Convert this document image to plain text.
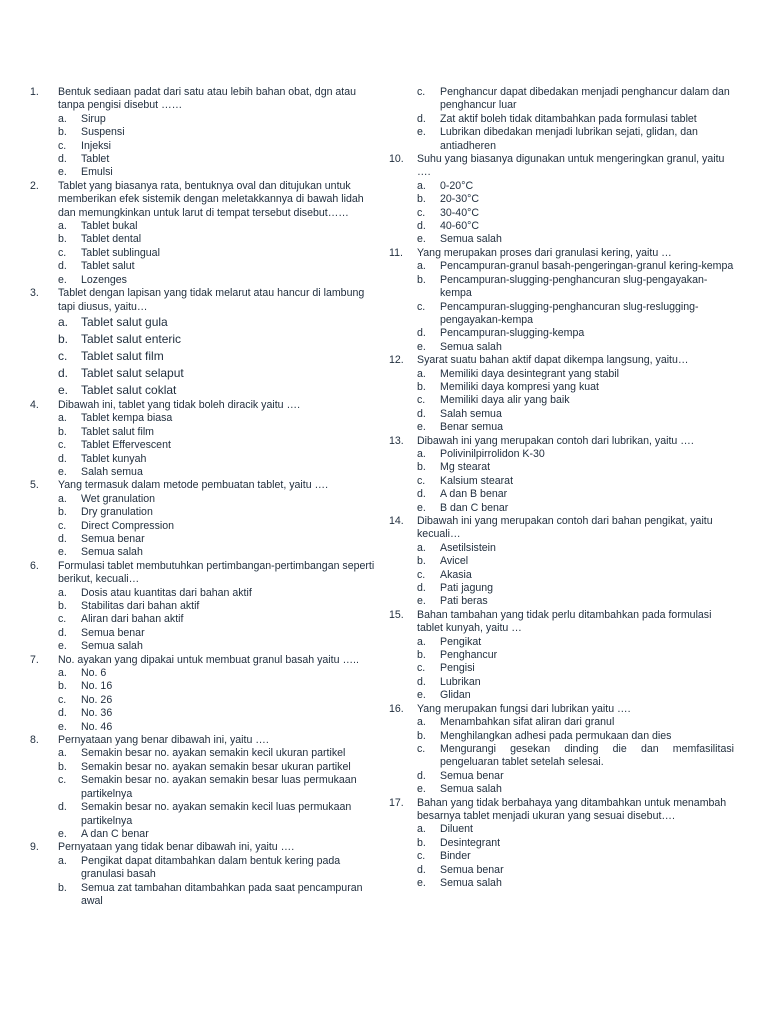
1.	Bentuk sediaan padat dari satu atau lebih bahan obat, dgn atau tanpa pengisi disebut ……
a.	Sirup
b.	Suspensi
c.	Injeksi
d.	Tablet
e.	Emulsi
2.	Tablet yang biasanya rata, bentuknya oval dan ditujukan untuk memberikan efek sistemik dengan meletakkannya di bawah lidah dan memungkinkan untuk larut di tempat tersebut disebut……
a.	Tablet bukal
b.	Tablet dental
c.	Tablet sublingual
d.	Tablet salut
e.	Lozenges
3.	Tablet dengan lapisan yang tidak melarut atau hancur di lambung tapi diusus, yaitu…
a.	Tablet salut gula
b.	Tablet salut enteric
c.	Tablet salut film
d.	Tablet salut selaput
e.	Tablet salut coklat
4.	Dibawah ini, tablet yang tidak boleh diracik yaitu ….
a.	Tablet kempa biasa
b.	Tablet salut film
c.	Tablet Effervescent
d.	Tablet kunyah
e.	Salah semua
5.	Yang termasuk dalam metode pembuatan tablet, yaitu ….
a.	Wet granulation
b.	Dry granulation
c.	Direct Compression
d.	Semua benar
e.	Semua salah
6.	Formulasi tablet membutuhkan pertimbangan-pertimbangan seperti berikut, kecuali…
a.	Dosis atau kuantitas dari bahan aktif
b.	Stabilitas dari bahan aktif
c.	Aliran dari bahan aktif
d.	Semua benar
e.	Semua salah
7.	No. ayakan yang dipakai untuk membuat granul basah yaitu …..
a.	No. 6
b.	No. 16
c.	No. 26
d.	No. 36
e.	No. 46
8.	Pernyataan yang benar dibawah ini, yaitu ….
a.	Semakin besar no. ayakan semakin kecil ukuran partikel
b.	Semakin besar no. ayakan semakin besar ukuran partikel
c.	Semakin besar no. ayakan semakin besar luas permukaan partikelnya
d.	Semakin besar no. ayakan semakin kecil luas permukaan partikelnya
e.	A dan C benar
9.	Pernyataan yang tidak benar dibawah ini, yaitu ….
a.	Pengikat dapat ditambahkan dalam bentuk kering pada granulasi basah
b.	Semua zat tambahan ditambahkan pada saat pencampuran awal
c.	Penghancur dapat dibedakan menjadi penghancur dalam dan penghancur luar
d.	Zat aktif boleh tidak ditambahkan pada formulasi tablet
e.	Lubrikan dibedakan menjadi lubrikan sejati, glidan, dan antiadheren
10.	Suhu yang biasanya digunakan untuk mengeringkan granul, yaitu ….
a.	0-20°C
b.	20-30°C
c.	30-40°C
d.	40-60°C
e.	Semua salah
11.	Yang merupakan proses dari granulasi kering, yaitu …
a.	Pencampuran-granul basah-pengeringan-granul kering-kempa
b.	Pencampuran-slugging-penghancuran slug-pengayakan-kempa
c.	Pencampuran-slugging-penghancuran slug-reslugging-pengayakan-kempa
d.	Pencampuran-slugging-kempa
e.	Semua salah
12.	Syarat suatu bahan aktif dapat dikempa langsung, yaitu…
a.	Memiliki daya desintegrant yang stabil
b.	Memiliki daya kompresi yang kuat
c.	Memiliki daya alir yang baik
d.	Salah semua
e.	Benar semua
13.	Dibawah ini yang merupakan contoh dari lubrikan, yaitu ….
a.	Polivinilpirrolidon K-30
b.	Mg stearat
c.	Kalsium stearat
d.	A dan B benar
e.	B dan C benar
14.	Dibawah ini yang merupakan contoh dari bahan pengikat, yaitu kecuali…
a.	Asetilsistein
b.	Avicel
c.	Akasia
d.	Pati jagung
e.	Pati beras
15.	Bahan tambahan yang tidak perlu ditambahkan pada formulasi tablet kunyah, yaitu …
a.	Pengikat
b.	Penghancur
c.	Pengisi
d.	Lubrikan
e.	Glidan
16.	Yang merupakan fungsi dari lubrikan yaitu ….
a.	Menambahkan sifat aliran dari granul
b.	Menghilangkan adhesi pada permukaan dan dies
c.	Mengurangi gesekan dinding die dan memfasilitasi pengeluaran tablet setelah selesai.
d.	Semua benar
e.	Semua salah
17.	Bahan yang tidak berbahaya yang ditambahkan untuk menambah besarnya tablet menjadi ukuran yang sesuai disebut….
a.	Diluent
b.	Desintegrant
c.	Binder
d.	Semua benar
e.	Semua salah
